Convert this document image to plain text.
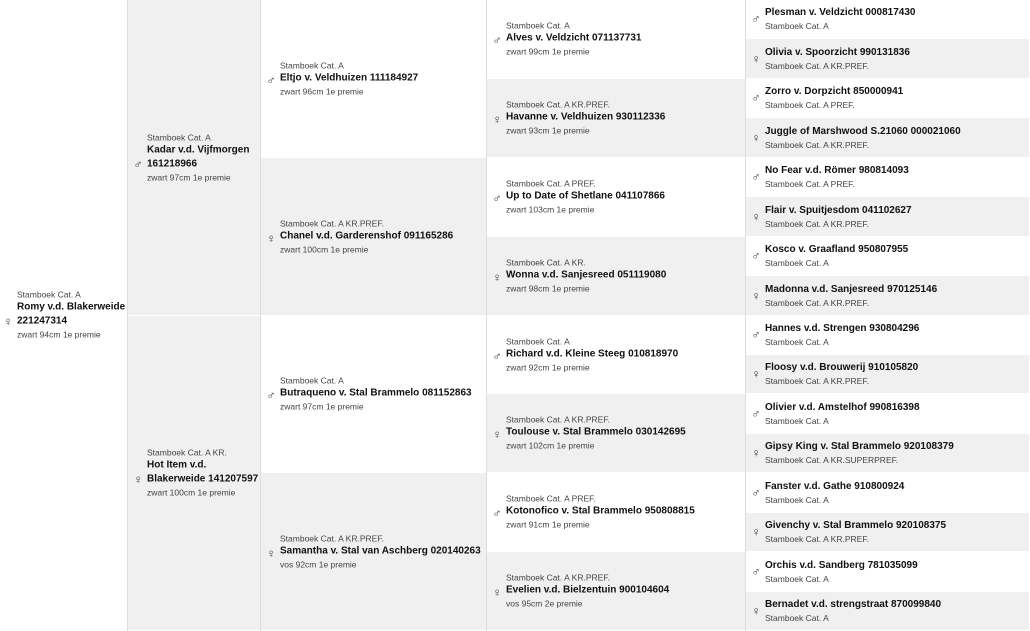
♀
Stamboek Cat. A
Romy v.d. Blakerweide 221247314
zwart 94cm 1e premie
♂
Stamboek Cat. A
Kadar v.d. Vijfmorgen 161218966
zwart 97cm 1e premie
♀
Stamboek Cat. A KR.
Hot Item v.d. Blakerweide 141207597
zwart 100cm 1e premie
♂
Stamboek Cat. A
Eltjo v. Veldhuizen 111184927
zwart 96cm 1e premie
♀
Stamboek Cat. A KR.PREF.
Chanel v.d. Garderenshof 091165286
zwart 100cm 1e premie
♂
Stamboek Cat. A
Butraqueno v. Stal Brammelo 081152863
zwart 97cm 1e premie
♀
Stamboek Cat. A KR.PREF.
Samantha v. Stal van Aschberg 020140263
vos 92cm 1e premie
♂
Stamboek Cat. A
Alves v. Veldzicht 071137731
zwart 99cm 1e premie
♀
Stamboek Cat. A KR.PREF.
Havanne v. Veldhuizen 930112336
zwart 93cm 1e premie
♂
Stamboek Cat. A PREF.
Up to Date of Shetlane 041107866
zwart 103cm 1e premie
♀
Stamboek Cat. A KR.
Wonna v.d. Sanjesreed 051119080
zwart 98cm 1e premie
♂
Stamboek Cat. A
Richard v.d. Kleine Steeg 010818970
zwart 92cm 1e premie
♀
Stamboek Cat. A KR.PREF.
Toulouse v. Stal Brammelo 030142695
zwart 102cm 1e premie
♂
Stamboek Cat. A PREF.
Kotonofico v. Stal Brammelo 950808815
zwart 91cm 1e premie
♀
Stamboek Cat. A KR.PREF.
Evelien v.d. Bielzentuin 900104604
vos 95cm 2e premie
♂ Plesman v. Veldzicht 000817430
Stamboek Cat. A
♀ Olivia v. Spoorzicht 990131836
Stamboek Cat. A KR.PREF.
♂ Zorro v. Dorpzicht 850000941
Stamboek Cat. A PREF.
♀ Juggle of Marshwood S.21060 000021060
Stamboek Cat. A KR.PREF.
♂ No Fear v.d. Römer 980814093
Stamboek Cat. A PREF.
♀ Flair v. Spuitjesdom 041102627
Stamboek Cat. A KR.PREF.
♂ Kosco v. Graafland 950807955
Stamboek Cat. A
♀ Madonna v.d. Sanjesreed 970125146
Stamboek Cat. A KR.PREF.
♂ Hannes v.d. Strengen 930804296
Stamboek Cat. A
♀ Floosy v.d. Brouwerij 910105820
Stamboek Cat. A KR.PREF.
♂ Olivier v.d. Amstelhof 990816398
Stamboek Cat. A
♀ Gipsy King v. Stal Brammelo 920108379
Stamboek Cat. A KR.SUPERPREF.
♂ Fanster v.d. Gathe 910800924
Stamboek Cat. A
♀ Givenchy v. Stal Brammelo 920108375
Stamboek Cat. A KR.PREF.
♂ Orchis v.d. Sandberg 781035099
Stamboek Cat. A
♀ Bernadet v.d. strengstraat 870099840
Stamboek Cat. A
